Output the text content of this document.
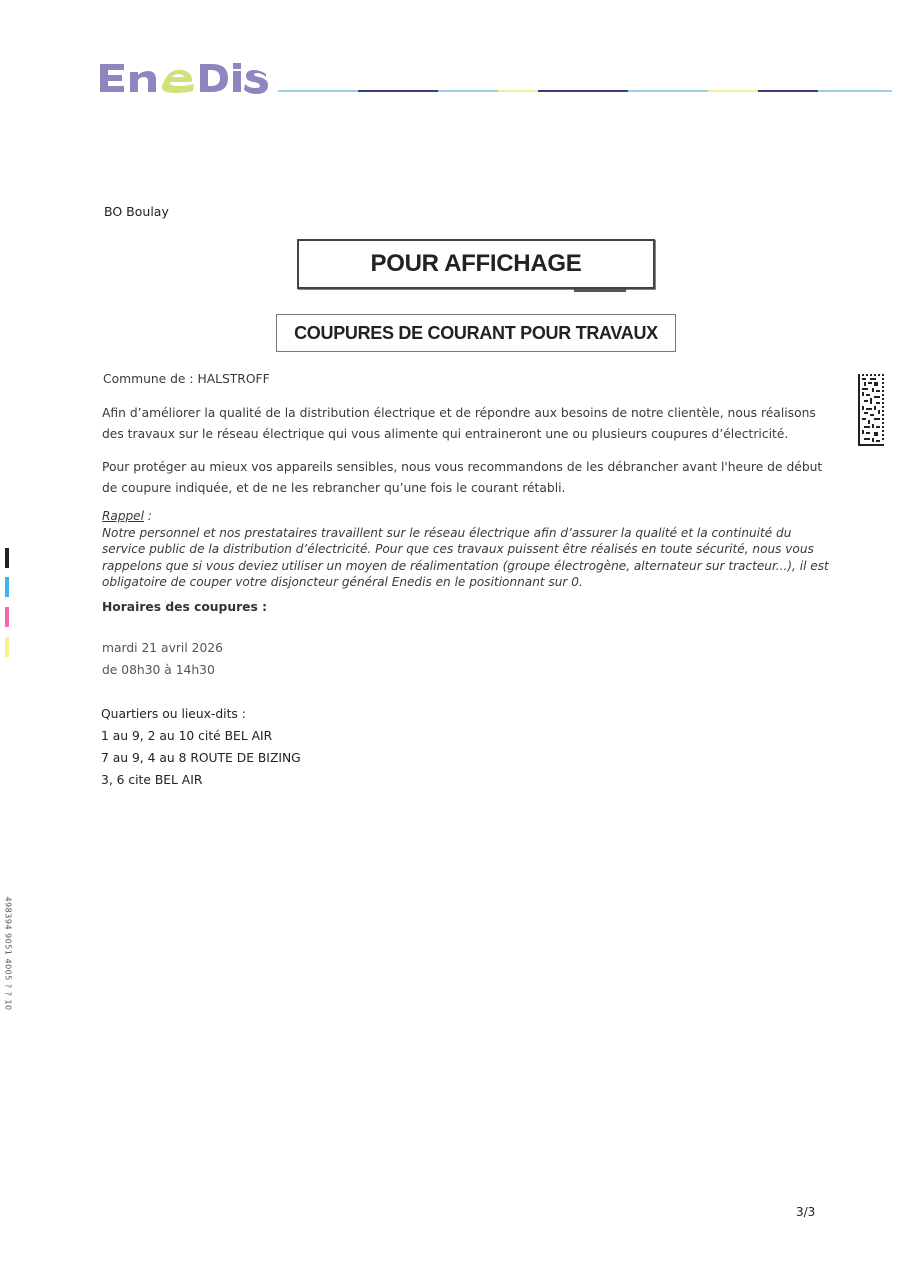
BO Boulay
POUR AFFICHAGE
COUPURES DE COURANT POUR TRAVAUX
Commune de : HALSTROFF
Afin d’améliorer la qualité de la distribution électrique et de répondre aux besoins de notre clientèle, nous réalisons des travaux sur le réseau électrique qui vous alimente qui entraineront une ou plusieurs coupures d’électricité.
Pour protéger au mieux vos appareils sensibles, nous vous recommandons de les débrancher avant l'heure de début de coupure indiquée, et de ne les rebrancher qu’une fois le courant rétabli.
Rappel :
Notre personnel et nos prestataires travaillent sur le réseau électrique afin d’assurer la qualité et la continuité du service public de la distribution d’électricité. Pour que ces travaux puissent être réalisés en toute sécurité, nous vous rappelons que si vous deviez utiliser un moyen de réalimentation (groupe électrogène, alternateur sur tracteur...), il est obligatoire de couper votre disjoncteur général Enedis en le positionnant sur 0.
Horaires des coupures :
mardi 21 avril 2026
de 08h30 à 14h30
Quartiers ou lieux-dits :
1 au 9, 2 au 10 cité BEL AIR
7 au 9, 4 au 8 ROUTE DE BIZING
3, 6 cite BEL AIR
498394 9051 4005 ? ? 10
3/3
